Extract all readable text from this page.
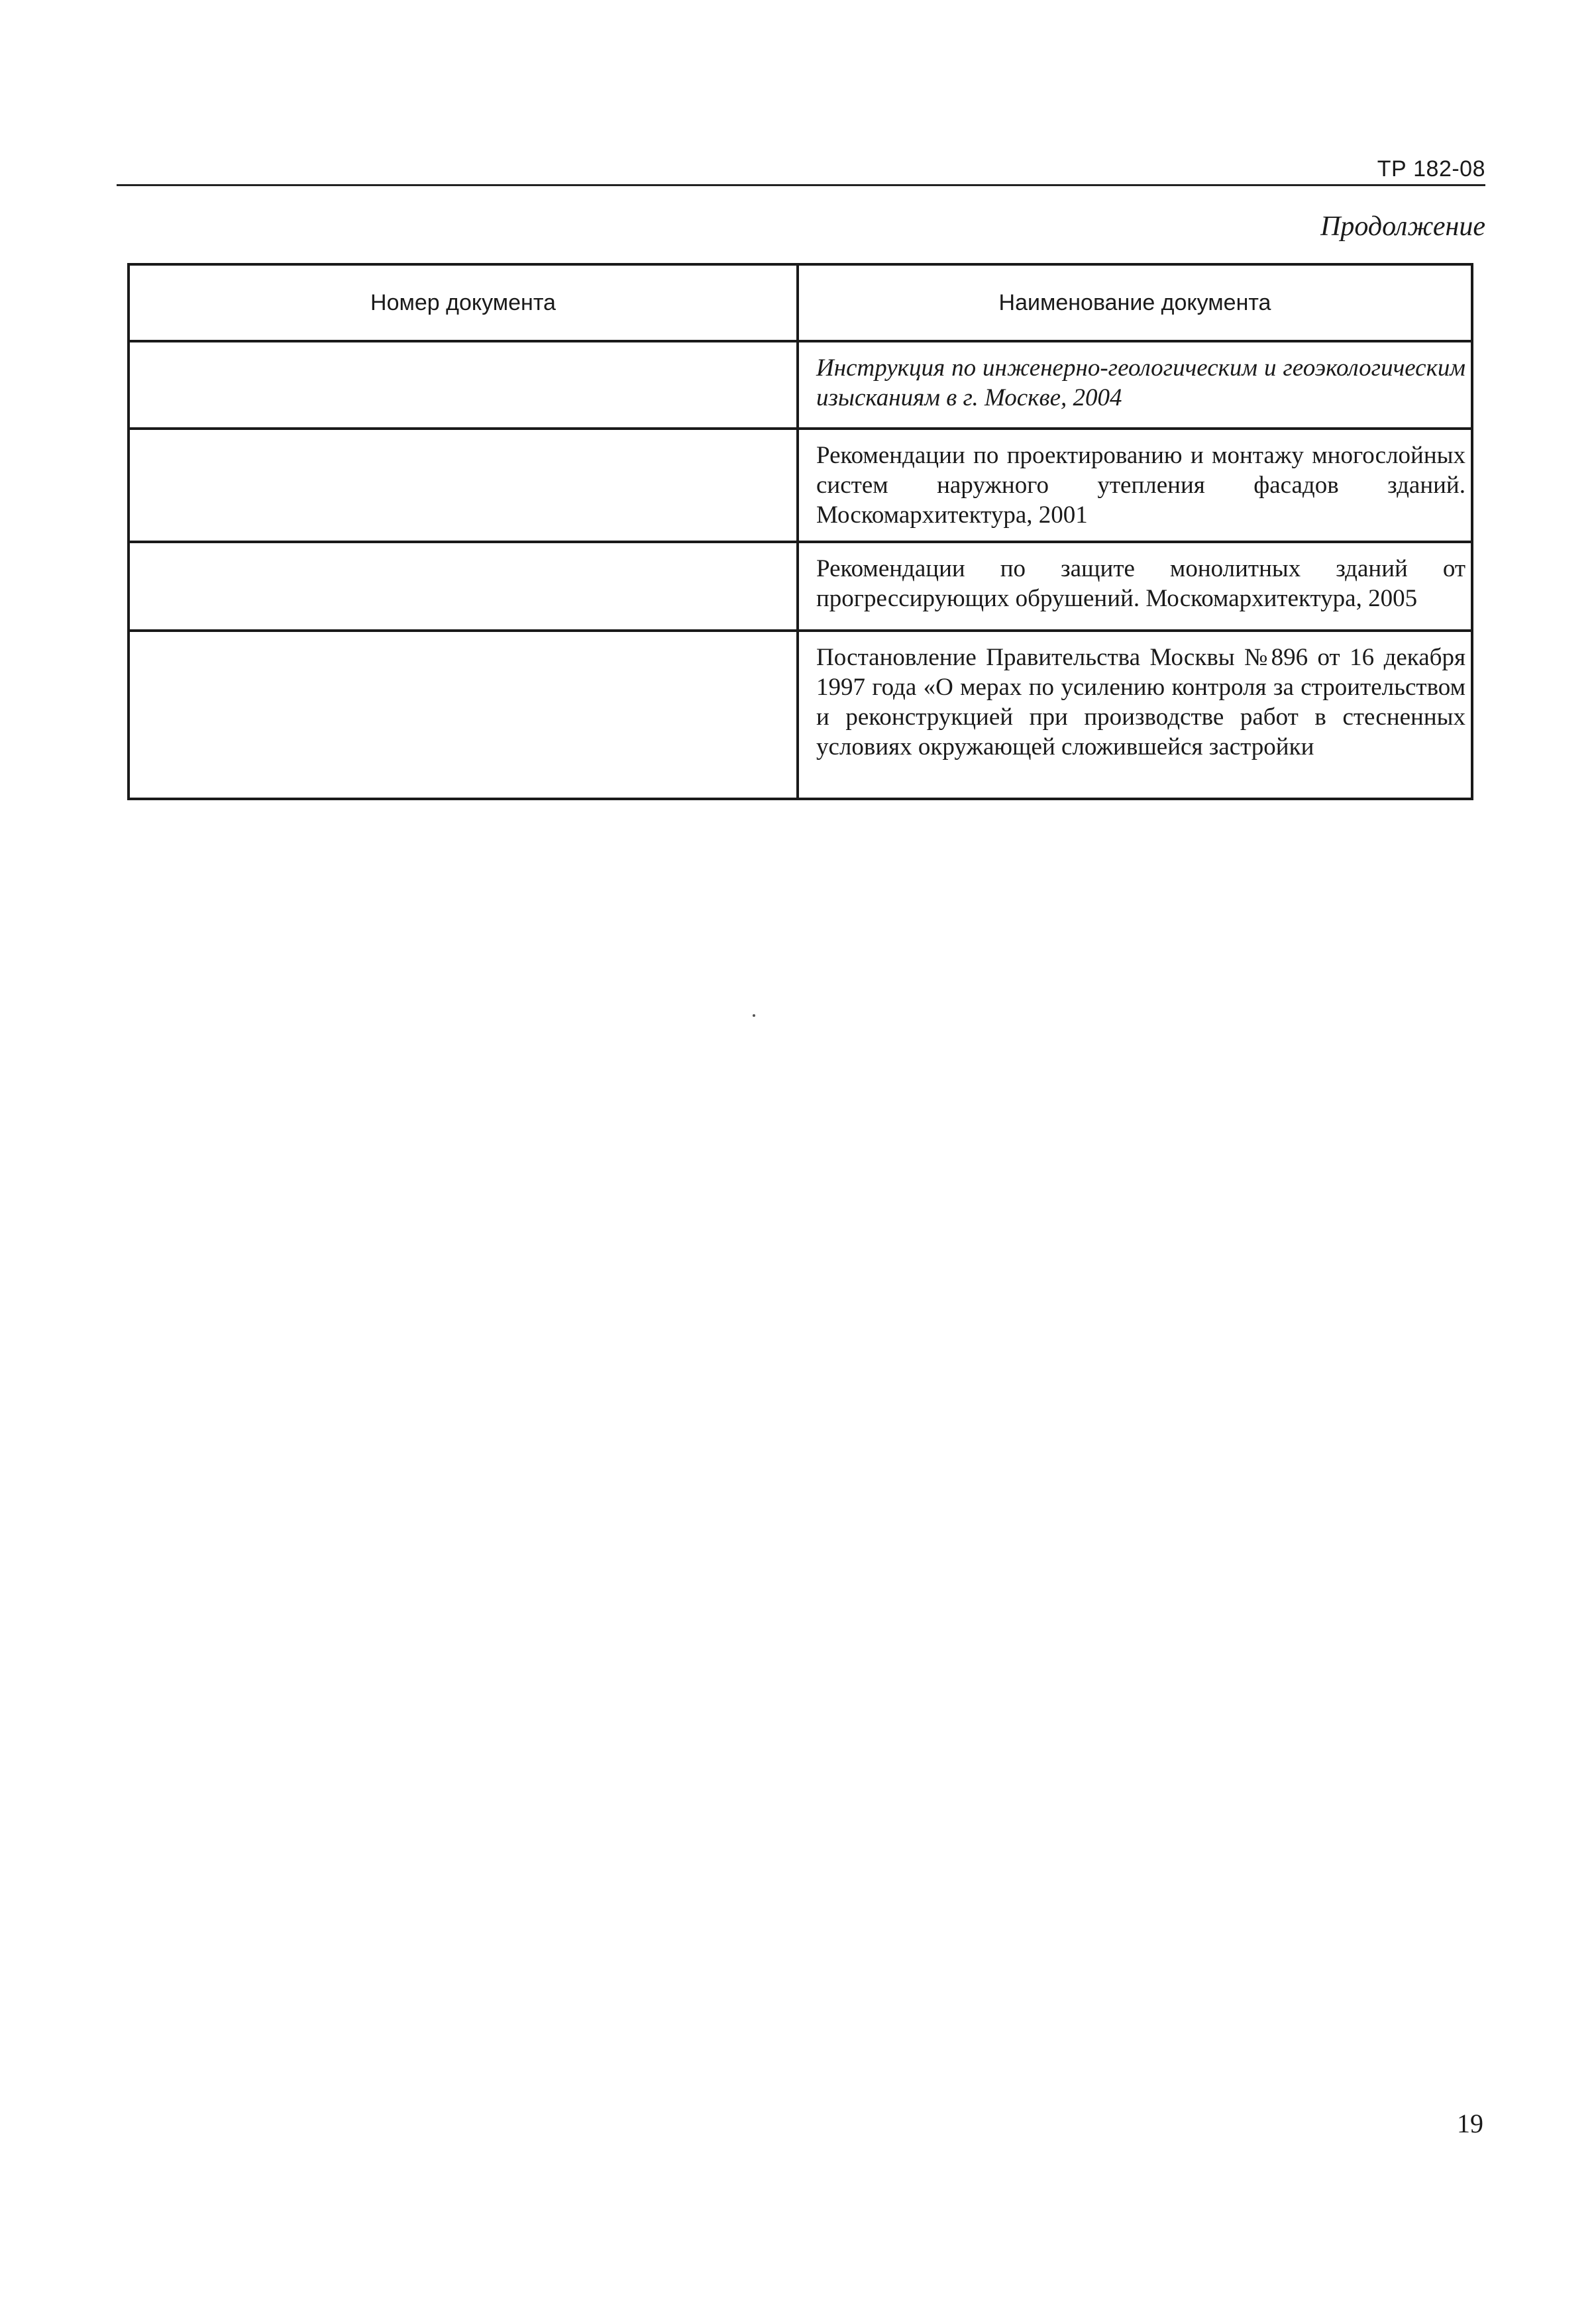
ТР 182-08
Продолжение
Номер документа	Наименование документа
	Инструкция по инженерно-геологическим и геоэкологическим изысканиям в г. Москве, 2004
	Рекомендации по проектированию и монтажу многослойных систем наружного утепления фасадов зданий. Москомархитектура, 2001
	Рекомендации по защите монолитных зданий от прогрессирующих обрушений. Москомархитектура, 2005
	Постановление Правительства Москвы №896 от 16 декабря 1997 года «О мерах по усилению контроля за строительством и реконструкцией при производстве работ в стесненных условиях окружающей сложившейся застройки
19
